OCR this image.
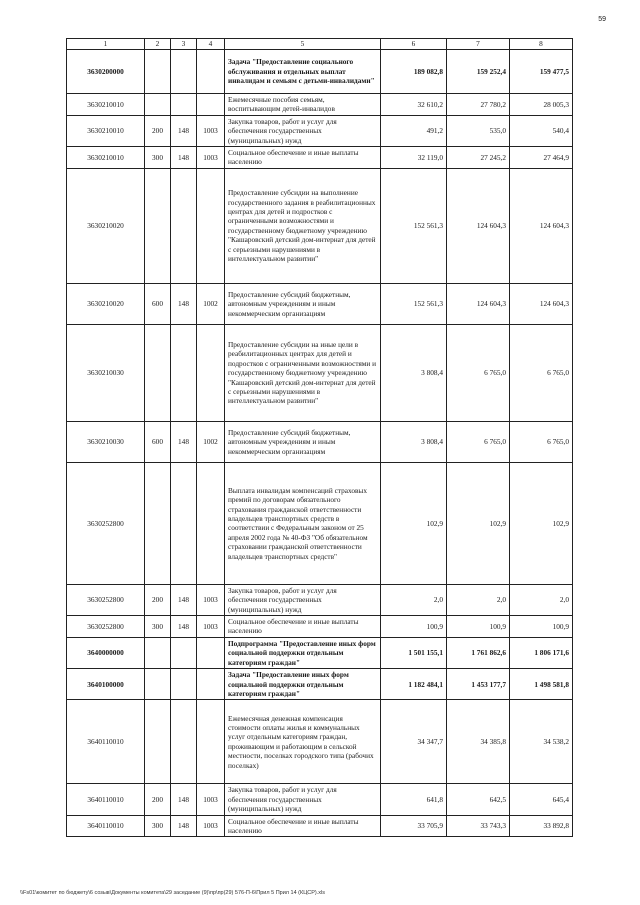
59
1	2	3	4	5	6	7	8
3630200000				Задача "Предоставление социального обслуживания и отдельных выплат инвалидам и семьям с детьми-инвалидами"	189 082,8	159 252,4	159 477,5
3630210010				Ежемесячные пособия семьям, воспитывающим детей-инвалидов	32 610,2	27 780,2	28 005,3
3630210010	200	148	1003	Закупка товаров, работ и услуг для обеспечения государственных (муниципальных) нужд	491,2	535,0	540,4
3630210010	300	148	1003	Социальное обеспечение и иные выплаты населению	32 119,0	27 245,2	27 464,9
3630210020				Предоставление субсидии на выполнение государственного задания в реабилитационных центрах для детей и подростков с ограниченными возможностями и государственному бюджетному учреждению "Кашаровский детский дом-интернат для детей с серьезными нарушениями в интеллектуальном развитии"	152 561,3	124 604,3	124 604,3
3630210020	600	148	1002	Предоставление субсидий бюджетным, автономным учреждениям и иным некоммерческим организациям	152 561,3	124 604,3	124 604,3
3630210030				Предоставление субсидии на иные цели в реабилитационных центрах для детей и подростков с ограниченными возможностями и государственному бюджетному учреждению "Кашаровский детский дом-интернат для детей с серьезными нарушениями в интеллектуальном развитии"	3 808,4	6 765,0	6 765,0
3630210030	600	148	1002	Предоставление субсидий бюджетным, автономным учреждениям и иным некоммерческим организациям	3 808,4	6 765,0	6 765,0
3630252800				Выплата инвалидам компенсаций страховых премий по договорам обязательного страхования гражданской ответственности владельцев транспортных средств в соответствии с Федеральным законом от 25 апреля 2002 года № 40-ФЗ "Об обязательном страховании гражданской ответственности владельцев транспортных средств"	102,9	102,9	102,9
3630252800	200	148	1003	Закупка товаров, работ и услуг для обеспечения государственных (муниципальных) нужд	2,0	2,0	2,0
3630252800	300	148	1003	Социальное обеспечение и иные выплаты населению	100,9	100,9	100,9
3640000000				Подпрограмма "Предоставление иных форм социальной поддержки отдельным категориям граждан"	1 501 155,1	1 761 862,6	1 806 171,6
3640100000				Задача "Предоставление иных форм социальной поддержки отдельным категориям граждан"	1 182 484,1	1 453 177,7	1 498 581,8
3640110010				Ежемесячная денежная компенсация стоимости оплаты жилья и коммунальных услуг отдельным категориям граждан, проживающим и работающим в сельской местности, поселках городского типа (рабочих поселках)	34 347,7	34 385,8	34 538,2
3640110010	200	148	1003	Закупка товаров, работ и услуг для обеспечения государственных (муниципальных) нужд	641,8	642,5	645,4
3640110010	300	148	1003	Социальное обеспечение и иные выплаты населению	33 705,9	33 743,3	33 892,8
\\Fs01\комитет по бюджету\6 созыв\Документы комитета\29 заседание (9)\пр\пр(29) 576-П-6\Прил 5 Прил 14 (КЦСР).xls
